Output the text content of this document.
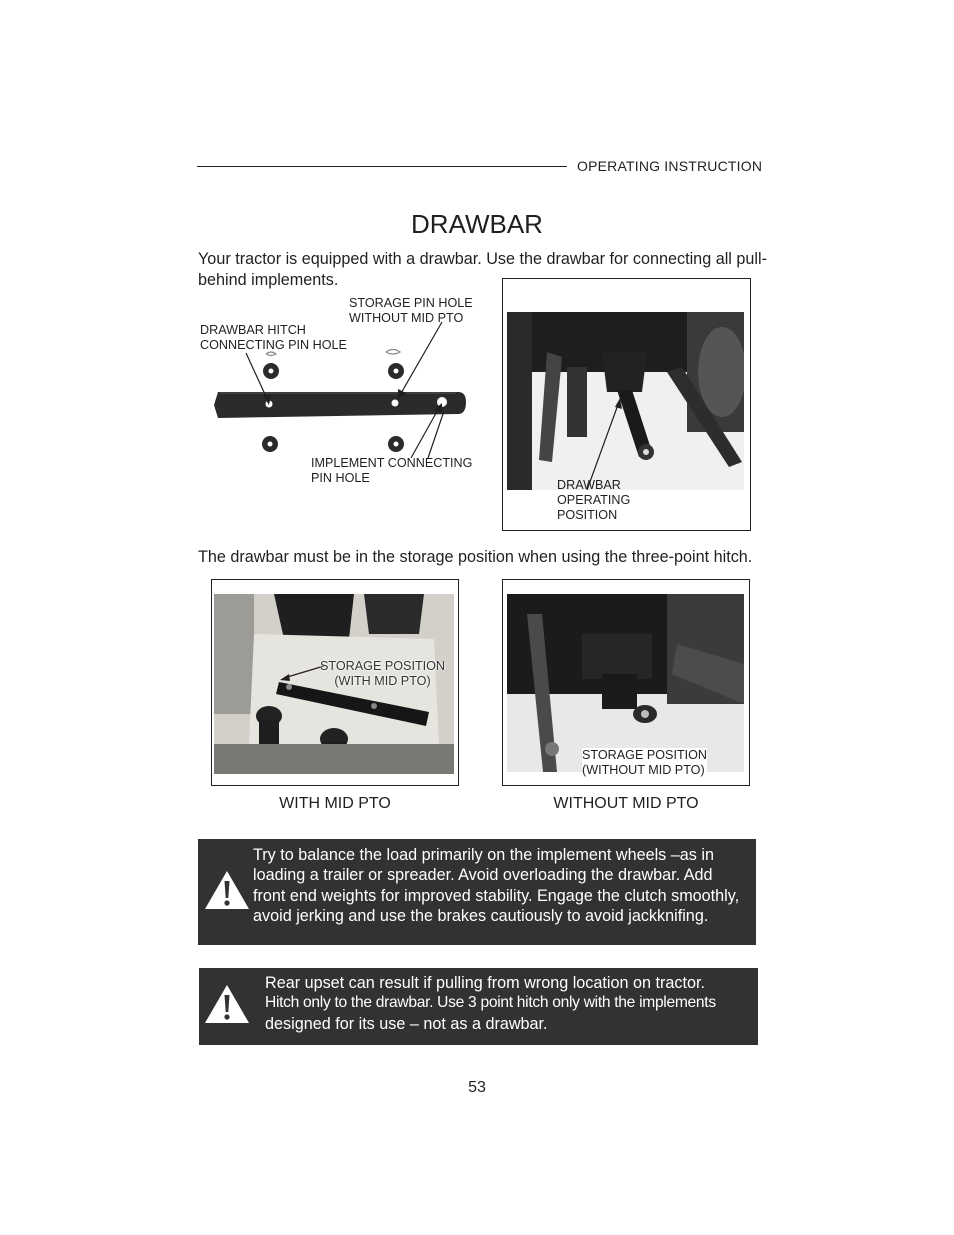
OPERATING INSTRUCTION
DRAWBAR
Your tractor is equipped with a drawbar. Use the drawbar for connecting all pull-behind implements.
STORAGE PIN HOLE
WITHOUT MID PTO
DRAWBAR HITCH
CONNECTING PIN HOLE
IMPLEMENT CONNECTING
PIN HOLE	DRAWBAR
OPERATING
POSITION
The drawbar must be in the storage position when using the three-point hitch.
STORAGE POSITION
(WITH MID PTO)
WITH MID PTO
STORAGE POSITION
(WITHOUT MID PTO)
WITHOUT MID PTO
Try to balance the load primarily on the implement wheels –as in
loading a trailer or spreader. Avoid overloading the drawbar. Add
front end weights for improved stability. Engage the clutch smoothly,
avoid jerking and use the brakes cautiously to avoid jackknifing.
Rear upset can result if pulling from wrong location on tractor.
Hitch only to the drawbar. Use 3 point hitch only with the implements
designed for its use – not as a drawbar.
53
